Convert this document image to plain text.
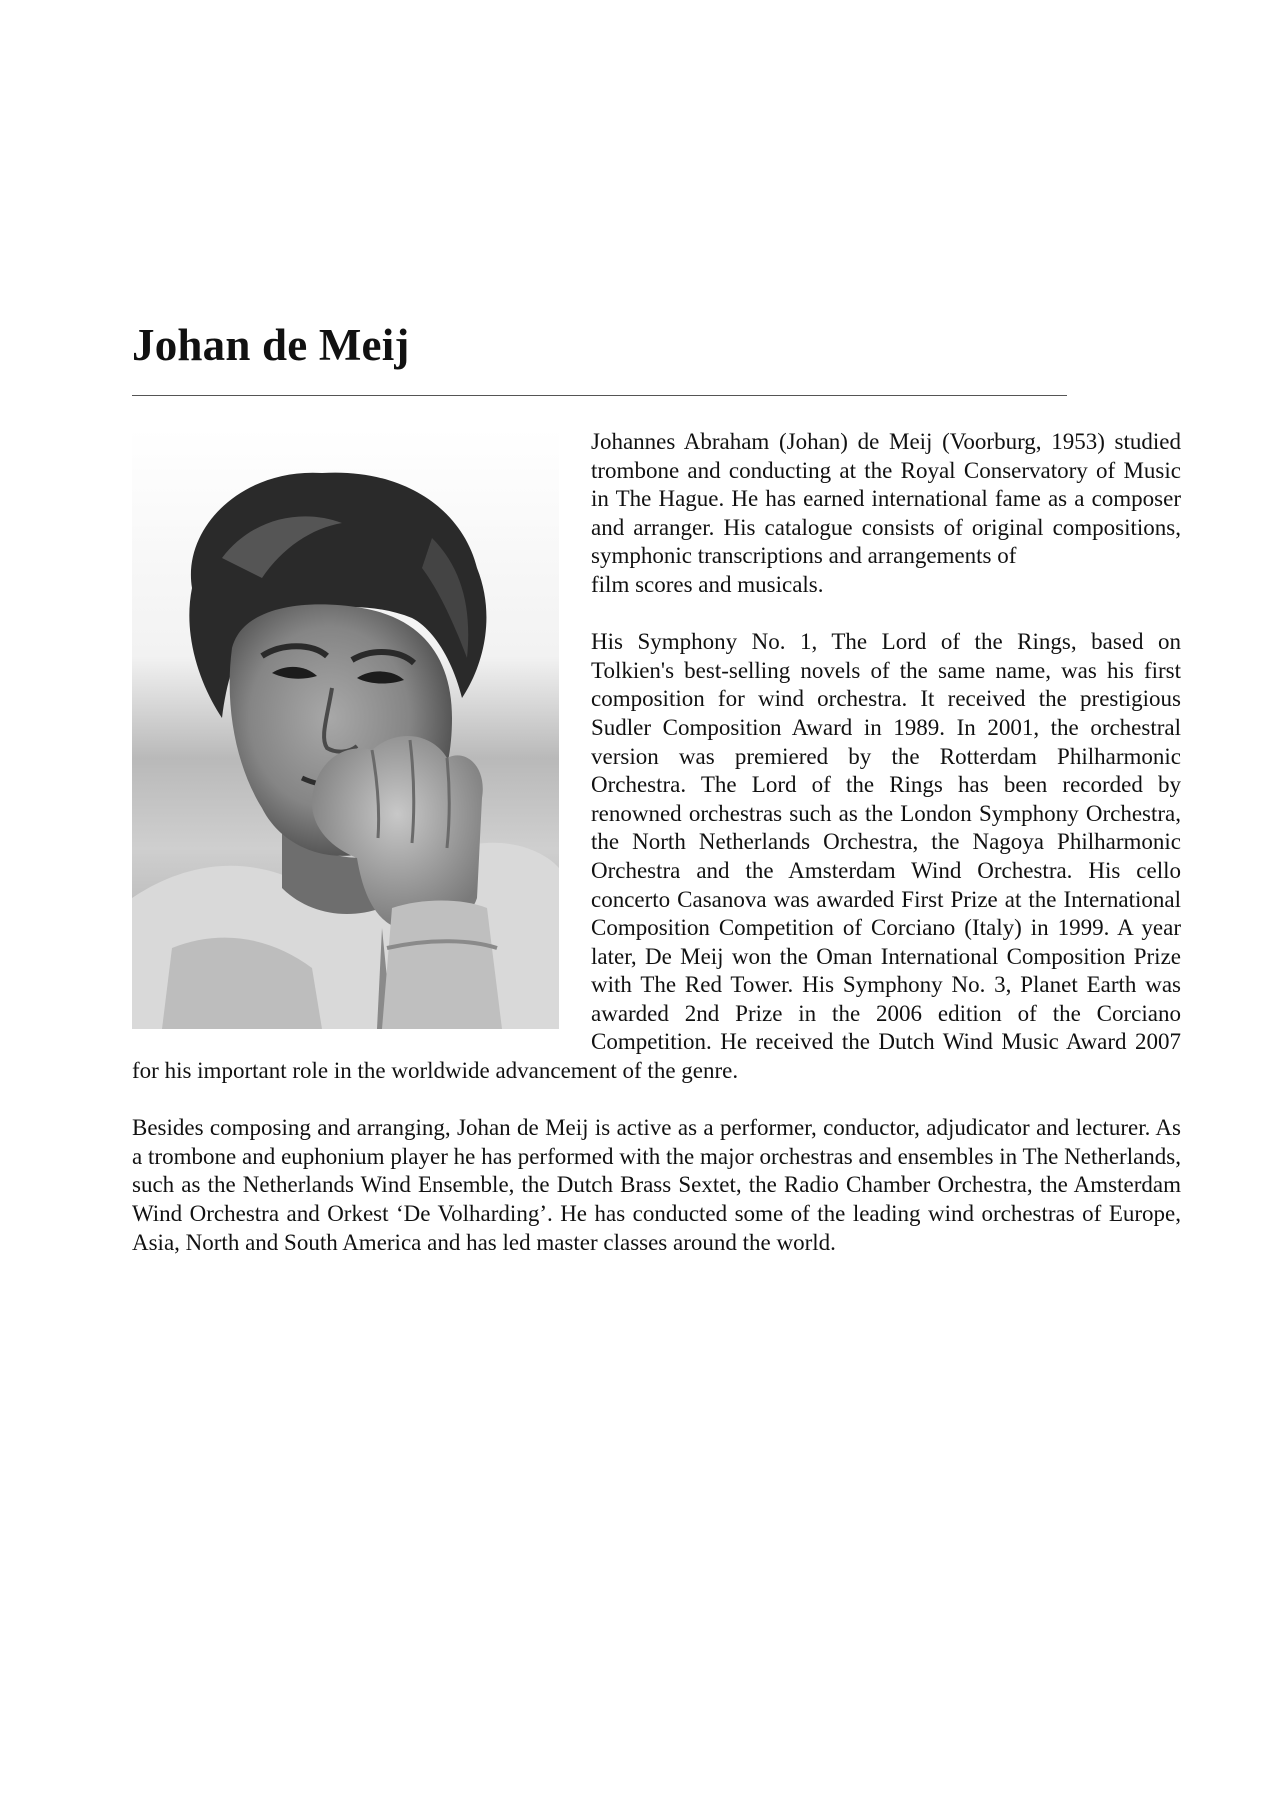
Johan de Meij

Johannes Abraham (Johan) de Meij (Voorburg, 1953) studied trombone and conducting at the Royal Conservatory of Music in The Hague. He has earned international fame as a composer and arranger. His catalogue consists of original compositions, symphonic transcriptions and arrangements of

film scores and musicals.

His Symphony No. 1, The Lord of the Rings, based on Tolkien's best-selling novels of the same name, was his first composition for wind orchestra. It received the prestigious Sudler Composition Award in 1989. In 2001, the orchestral version was premiered by the Rotterdam Philharmonic Orchestra. The Lord of the Rings has been recorded by renowned orchestras such as the London Symphony Orchestra, the North Netherlands Orchestra, the Nagoya Philharmonic Orchestra and the Amsterdam Wind Orchestra. His cello concerto Casanova was awarded First Prize at the International Composition Competition of Corciano (Italy) in 1999. A year later, De Meij won the Oman International Composition Prize with The Red Tower. His Symphony No. 3, Planet Earth was awarded 2nd Prize in the 2006 edition of the Corciano Competition. He received the Dutch Wind Music Award 2007 for his important role in the worldwide advancement of the genre.

Besides composing and arranging, Johan de Meij is active as a performer, conductor, adjudicator and lecturer. As a trombone and euphonium player he has performed with the major orchestras and ensembles in The Netherlands, such as the Netherlands Wind Ensemble, the Dutch Brass Sextet, the Radio Chamber Orchestra, the Amsterdam Wind Orchestra and Orkest ‘De Volharding’. He has conducted some of the leading wind orchestras of Europe, Asia, North and South America and has led master classes around the world.
